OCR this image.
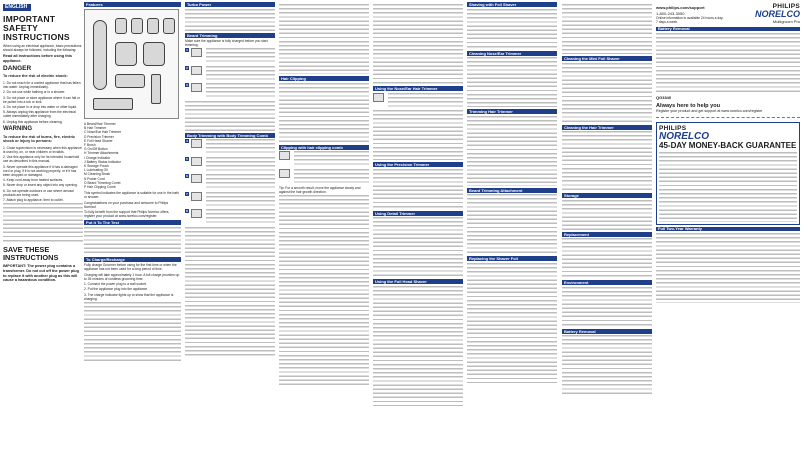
ENGLISH
IMPORTANT SAFETY INSTRUCTIONS

When using an electrical appliance, basic precautions should always be followed, including the following:

Read all instructions before using this appliance.
DANGER
To reduce the risk of electric shock:

1. Do not reach for a corded appliance that has fallen into water. Unplug immediately.

2. Do not use while bathing or in a shower.

3. Do not place or store appliance where it can fall or be pulled into a tub or sink.

4. Do not place in or drop into water or other liquid.

5. Always unplug this appliance from the electrical outlet immediately after charging.

6. Unplug this appliance before cleaning.

WARNING
To reduce the risk of burns, fire, electric shock or injury to persons:

1. Close supervision is necessary when this appliance is used by, on, or near children or invalids.

2. Use this appliance only for its intended household use as described in this manual.

3. Never operate this appliance if it has a damaged cord or plug, if it is not working properly, or if it has been dropped or damaged.

4. Keep cord away from heated surfaces.

5. Never drop or insert any object into any opening.

6. Do not operate outdoors or use where aerosol products are being used.

7. Attach plug to appliance, then to outlet.

SAVE THESE INSTRUCTIONS

IMPORTANT: The power plug contains a transformer. Do not cut off the power plug to replace it with another plug as this will cause a hazardous condition.

Features
A Beard/Hair Trimmer
B Hair Trimmer
C Nose/Ear Hair Trimmer
D Precision Trimmer
E Foil Head Shaver
F Brush
G On/Off Button
H Trimmer Attachments
I Charge Indicator
J Battery Status Indicator
K Storage Pouch
L Lubricating Oil
M Cleaning Brush
N Power Cord
O Beard Trimming Comb
P Hair Clipping Comb

This symbol indicates the appliance is suitable for use in the bath or shower.

Congratulations on your purchase and welcome to Philips Norelco!

To fully benefit from the support that Philips Norelco offers, register your product at www.norelco.com/register.

Put it To The Test
To Charge/Recharge

Fully charge Groomer before using for the first time or when the appliance has not been used for a long period of time.

Charging will take approximately 1 hour. A full charge provides up to 35 minutes of cordless grooming time.

1. Connect the power plug to a wall socket.

2. Put the appliance plug into the appliance.

3. The charge indicator lights up to show that the appliance is charging.

Turbo Power
Beard Trimming

Make sure the appliance is fully charged before you start trimming.

1
2
3
Body Trimming with Body Trimming Comb
4
5
6
7
8
Hair Clipping
Clipping with hair clipping comb

Tip: For a smooth result, move the appliance slowly and against the hair growth direction.

Using the Nose/Ear Hair Trimmer
Using the Precision Trimmer
Using Detail Trimmer
Using the Foil Head Shaver
Shaving with Foil Shaver
Cleaning Nose/Ear Trimmer
Trimming Hair Trimmer
Beard Trimming Attachment
Replacing the Shaver Foil
Cleaning the Mini Foil Shaver
Cleaning the Hair Trimmer
Storage
Replacement
Environment
Battery Removal
www.philips.com/support
1-800-243-3050

Online information is available 24 hours a day, 7 days a week.

PHILIPS
NORELCO
Multigroom Pro
Battery Removal
QG3340
Always here to help you
Register your product and get support at www.norelco.com/register
PHILIPS
NORELCO
45-DAY MONEY-BACK GUARANTEE
Full Two-Year Warranty
